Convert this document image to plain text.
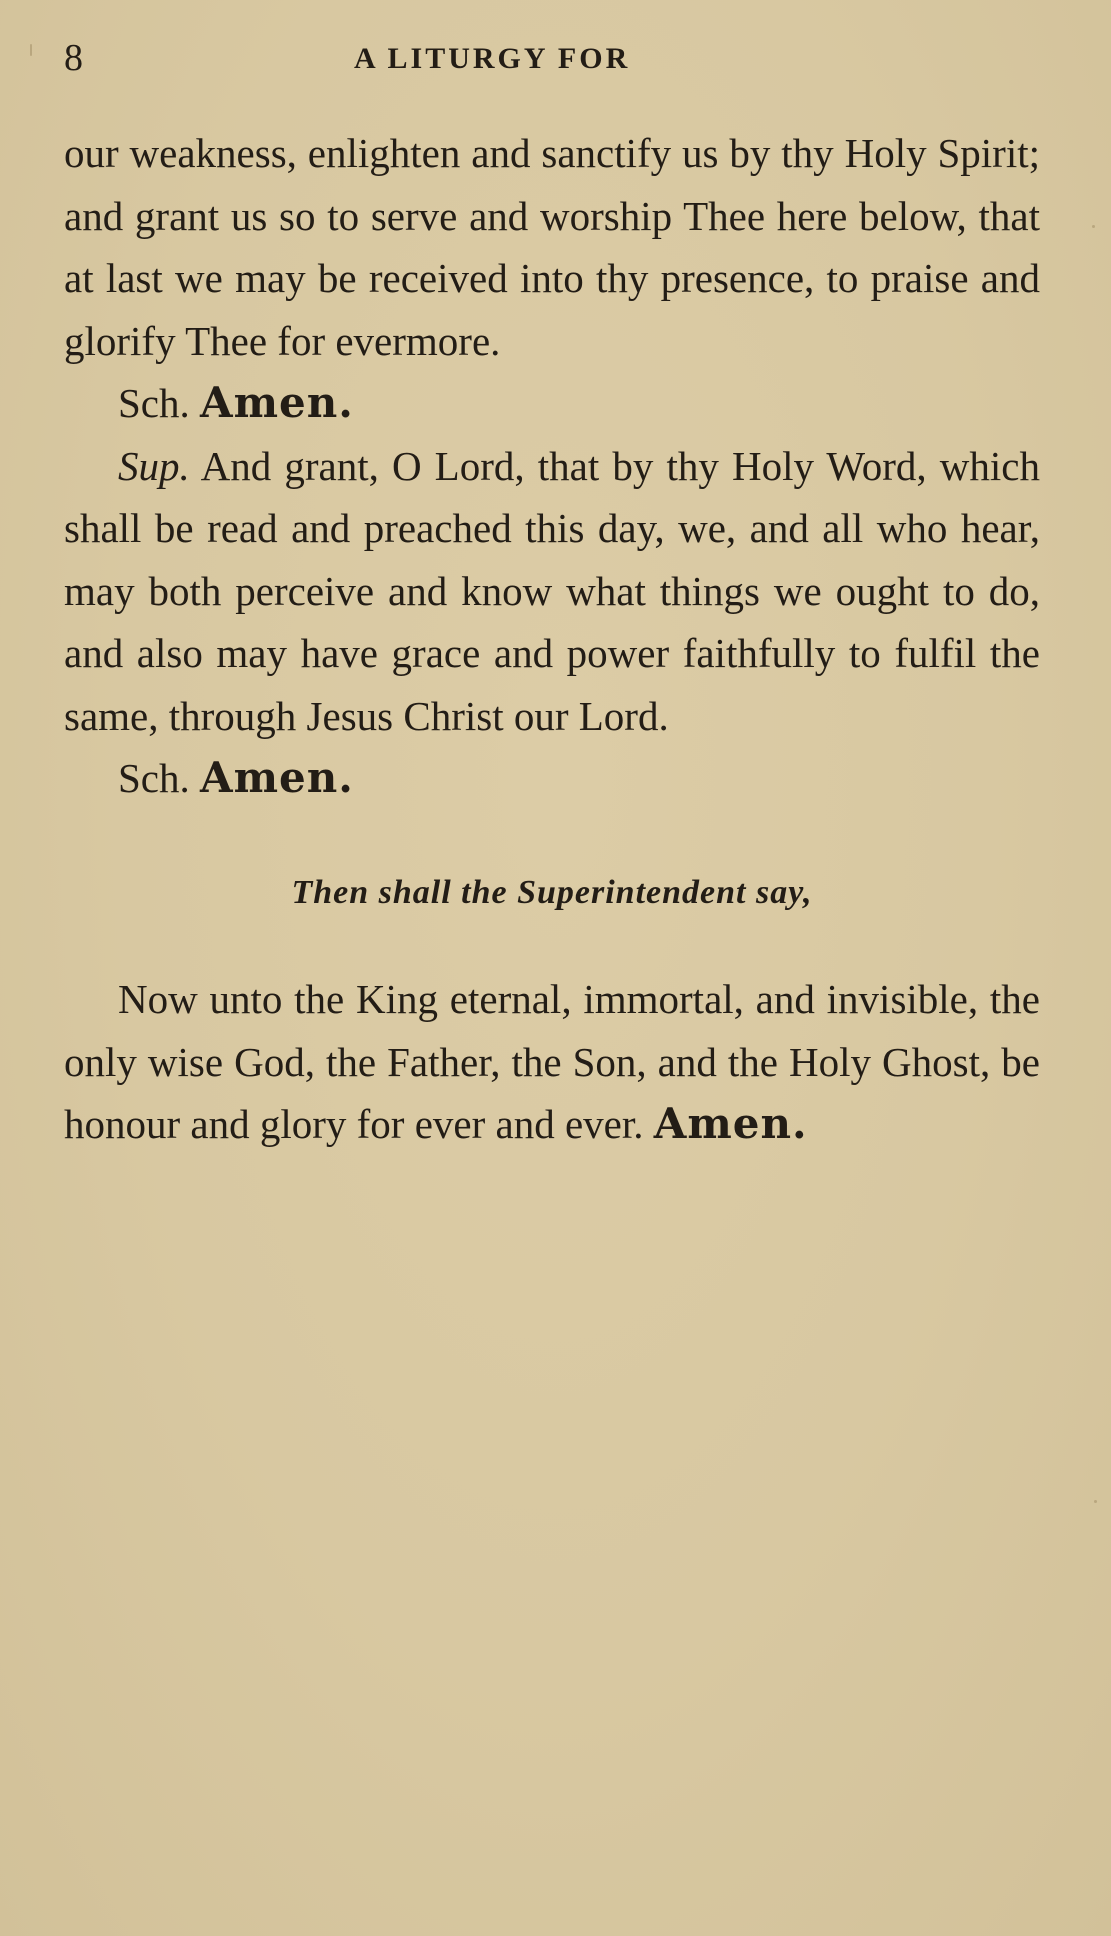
8	A LITURGY FOR

our weakness, enlighten and sanctify us by thy Holy Spirit; and grant us so to serve and worship Thee here below, that at last we may be received into thy presence, to praise and glorify Thee for evermore.

Sch. Amen.

Sup. And grant, O Lord, that by thy Holy Word, which shall be read and preached this day, we, and all who hear, may both perceive and know what things we ought to do, and also may have grace and power faithfully to fulfil the same, through Jesus Christ our Lord.

Sch. Amen.

Then shall the Superintendent say,

Now unto the King eternal, immortal, and invisible, the only wise God, the Father, the Son, and the Holy Ghost, be honour and glory for ever and ever. Amen.
